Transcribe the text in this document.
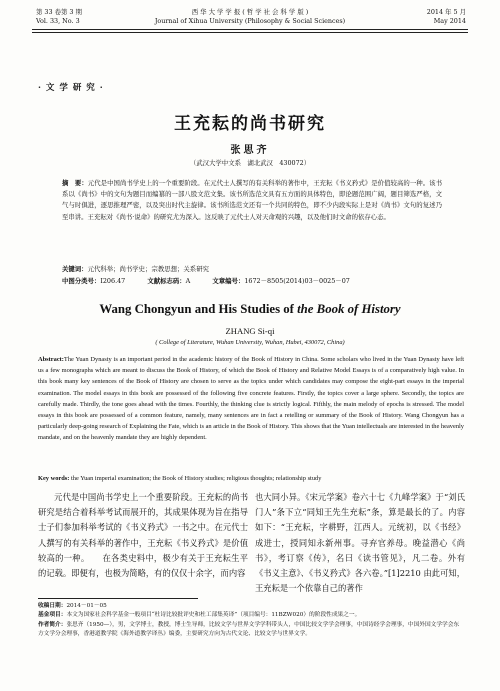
第 33 卷第 3 期
Vol. 33, No. 3
西 华 大 学 学 报 ( 哲 学 社 会 科 学 版 )
Journal of Xihua University (Philosophy & Social Sciences)
2014 年 5 月
May 2014
· 文 学 研 究 ·
王充耘的尚书研究
张思齐
（武汉大学中文系　湖北武汉　430072）
摘　要：元代是中国尚书学史上的一个重要阶段。在元代士人撰写的有关科举的著作中，王充耘《书义矜式》是价值较高的一种。该书系以《尚书》中的文句为题目而编纂的一部八股文范文集。该书所选范文具有五方面的具体特色，即论题范围广阔，题目筛选严格，文气与时俱进，逐思推理严密，以及突出时代主旋律。该书所选范文还有一个共同的特色，即不少内段实际上是对《尚书》文句的复述乃至串讲。王充耘对《尚书·说命》的研究尤为深入。这反映了元代士人对天命观的兴趣，以及他们时文命的依存心态。
关键词：元代科举；尚书学史；宗教思想；关系研究
中图分类号：I206.47	文献标志码：A	文章编号：1672－8505(2014)03－0025－07
Wang Chongyun and His Studies of the Book of History
ZHANG Si-qi
( College of Literature, Wuhan University, Wuhan, Hubei, 430072, China)
Abstract:The Yuan Dynasty is an important period in the academic history of the Book of History in China. Some scholars who lived in the Yuan Dynasty have left us a few monographs which are meant to discuss the Book of History, of which the Book of History and Relative Model Essays is of a comparatively high value. In this book many key sentences of the Book of History are chosen to serve as the topics under which candidates may compose the eight-part essays in the imperial examination. The model essays in this book are possessed of the following five concrete features. Firstly, the topics cover a large sphere. Secondly, the topics are carefully made. Thirdly, the tone goes ahead with the times. Fourthly, the thinking clue is strictly logical. Fifthly, the main melody of epochs is stressed. The model essays in this book are possessed of a common feature, namely, many sentences are in fact a retelling or summary of the Book of History. Wang Chongyun has a particularly deep-going research of Explaining the Fate, which is an article in the Book of History. This shows that the Yuan intellectuals are interested in the heavenly mandate, and on the heavenly mandate they are highly dependent.
Key words: the Yuan imperial examination; the Book of History studies; religious thoughts; relationship study
元代是中国尚书学史上一个重要阶段。王充耘的尚书研究是结合着科举考试而展开的，其成果体现为旨在指导士子们参加科举考试的《书义矜式》一书之中。在元代士人撰写的有关科举的著作中，王充耘《书义矜式》是价值较高的一种。　　在各类史料中，极少有关于王充耘生平的记载。即便有，也极为简略，有的仅仅十余字，而内容
也大同小异。《宋元学案》卷六十七《九峰学案》于“刘氏门人”条下立“同知王先生充耘”条，算是最长的了。内容如下：“王充耘，字耕野，江西人。元统初，以《书经》成进士，授同知永新州事。寻弃官养母。晚益潜心《尚书》，考订察《传》，名曰《读书管见》，凡二卷。外有《书义主意》、《书义矜式》各六卷。”[1]2210 由此可知，王充耘是一个依靠自己的著作
收稿日期：2014－01－05
基金项目：本文为国家社会科学基金一般项目“杜诗比较批评史和杜工部集英译”（项目编号：11BZW020）的阶段性成果之一。
作者简介：张思齐（1950—），男，文学博士，教授，博士生导师，比较文学与世界文学学科带头人，中国比较文学学会理事，中国诗经学会理事，中国外国文学学会东方文学分会理事，香港道教学院《海外道教学译丛》编委，主要研究方向为古代文论、比较文学与世界文学。
